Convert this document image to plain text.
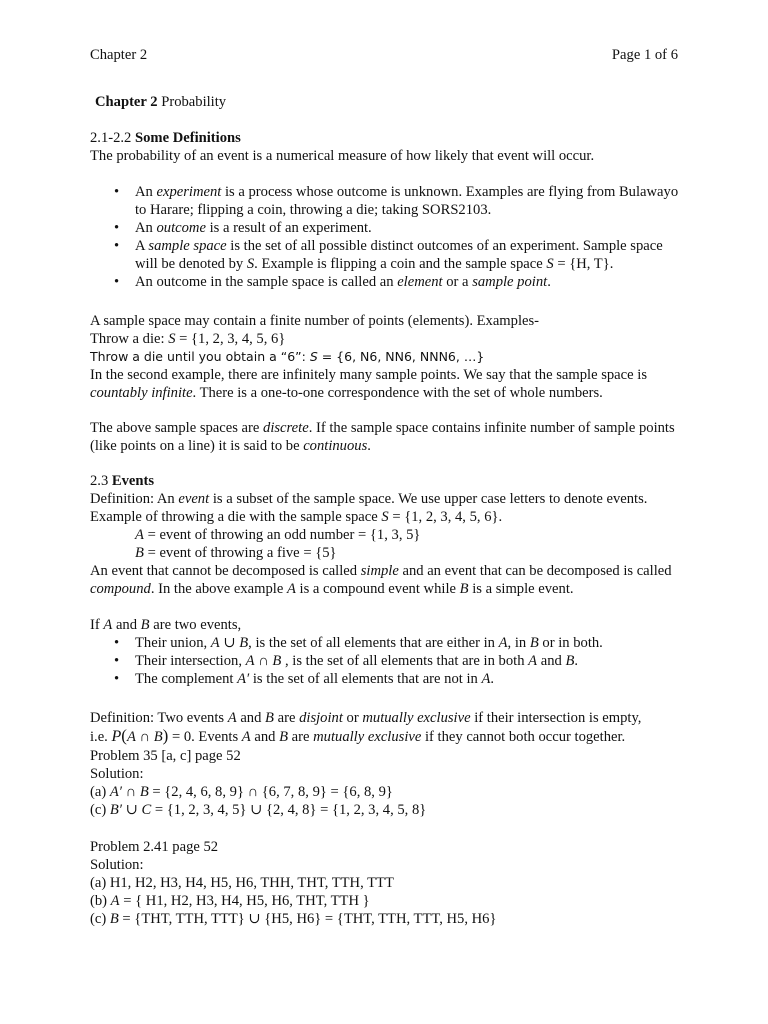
Chapter 2	Page 1 of 6

Chapter 2 Probability

2.1-2.2 Some Definitions

The probability of an event is a numerical measure of how likely that event will occur.

• An experiment is a process whose outcome is unknown. Examples are flying from Bulawayo to Harare; flipping a coin, throwing a die; taking SORS2103.
• An outcome is a result of an experiment.
• A sample space is the set of all possible distinct outcomes of an experiment. Sample space will be denoted by S. Example is flipping a coin and the sample space S = {H, T}.
• An outcome in the sample space is called an element or a sample point.

A sample space may contain a finite number of points (elements). Examples-

Throw a die: S = {1, 2, 3, 4, 5, 6}

Throw a die until you obtain a “6”: S = {6, N6, NN6, NNN6, …}

In the second example, there are infinitely many sample points. We say that the sample space is countably infinite. There is a one-to-one correspondence with the set of whole numbers.

The above sample spaces are discrete. If the sample space contains infinite number of sample points (like points on a line) it is said to be continuous.

2.3 Events

Definition: An event is a subset of the sample space. We use upper case letters to denote events.

Example of throwing a die with the sample space S = {1, 2, 3, 4, 5, 6}.

A = event of throwing an odd number = {1, 3, 5}

B = event of throwing a five = {5}

An event that cannot be decomposed is called simple and an event that can be decomposed is called compound. In the above example A is a compound event while B is a simple event.

If A and B are two events,

• Their union, A ∪ B, is the set of all elements that are either in A, in B or in both.
• Their intersection, A ∩ B , is the set of all elements that are in both A and B.
• The complement A′ is the set of all elements that are not in A.

Definition: Two events A and B are disjoint or mutually exclusive if their intersection is empty,

i.e. P(A ∩ B) = 0. Events A and B are mutually exclusive if they cannot both occur together.

Problem 35 [a, c] page 52

Solution:

(a) A′ ∩ B = {2, 4, 6, 8, 9} ∩ {6, 7, 8, 9} = {6, 8, 9}

(c) B′ ∪ C = {1, 2, 3, 4, 5} ∪ {2, 4, 8} = {1, 2, 3, 4, 5, 8}

Problem 2.41 page 52

Solution:

(a) H1, H2, H3, H4, H5, H6, THH, THT, TTH, TTT

(b) A = { H1, H2, H3, H4, H5, H6, THT, TTH }

(c) B = {THT, TTH, TTT} ∪ {H5, H6} = {THT, TTH, TTT, H5, H6}
